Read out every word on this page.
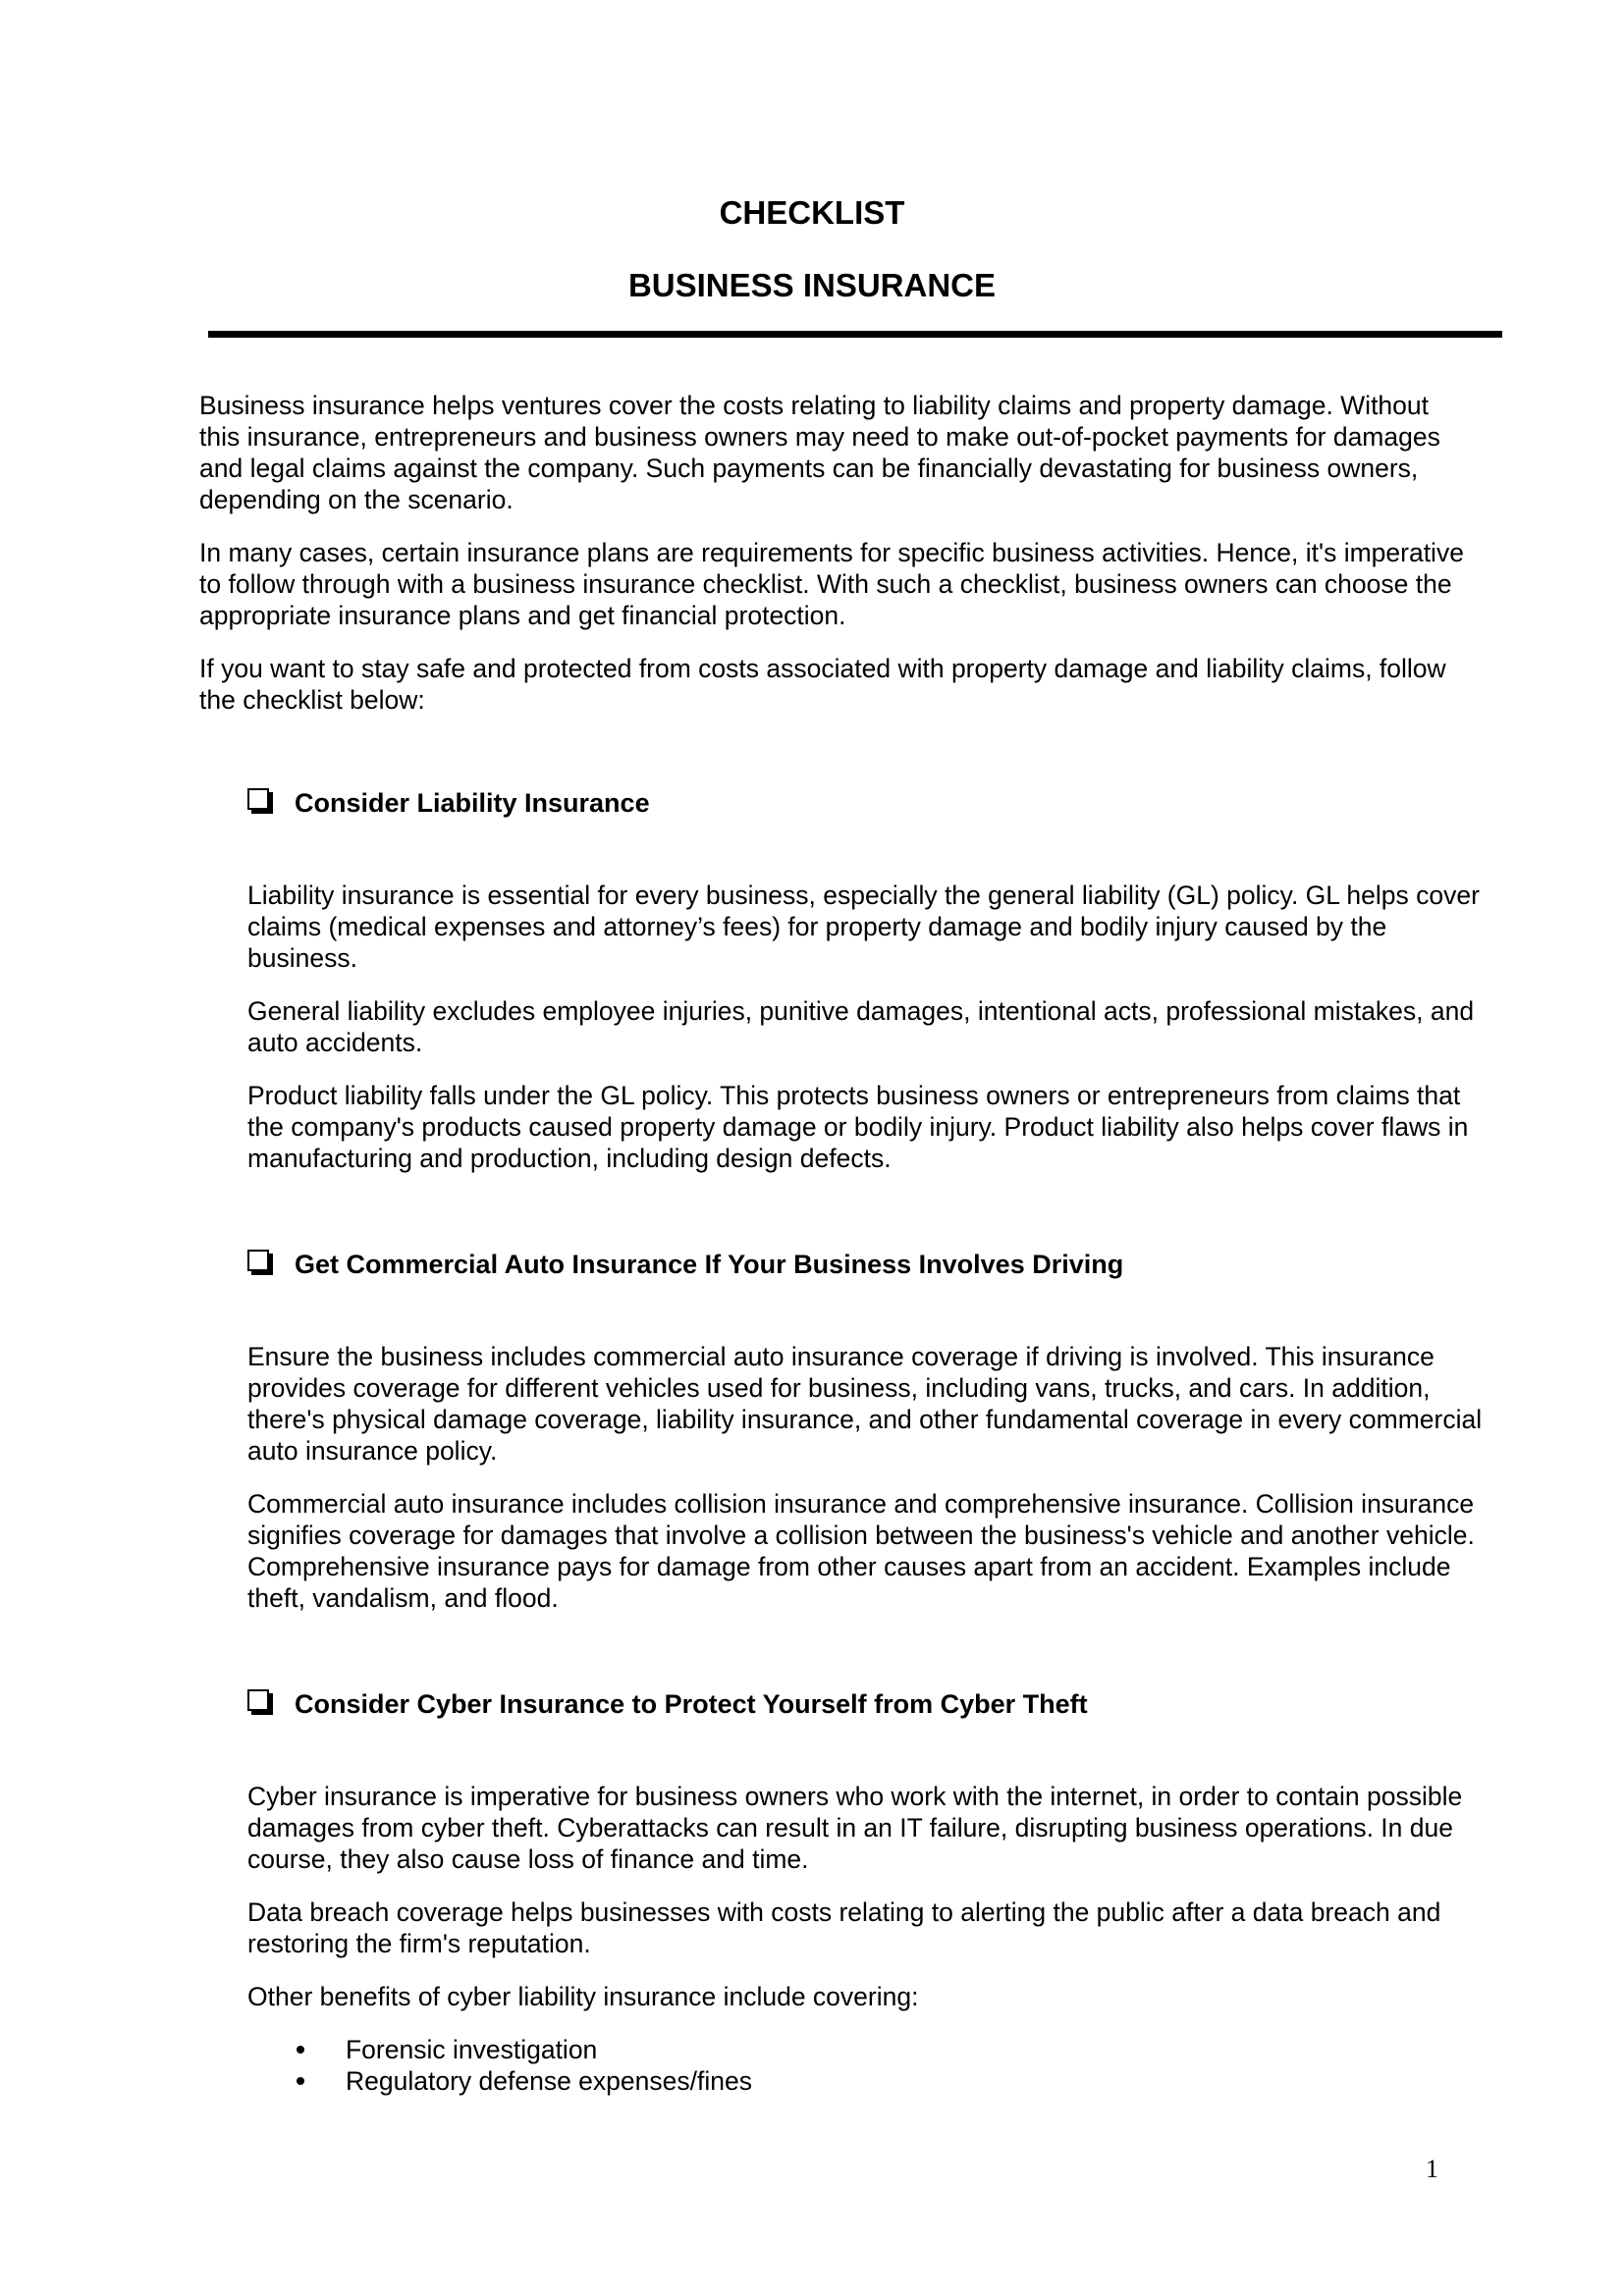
CHECKLIST
BUSINESS INSURANCE

Business insurance helps ventures cover the costs relating to liability claims and property damage. Without this insurance, entrepreneurs and business owners may need to make out-of-pocket payments for damages and legal claims against the company. Such payments can be financially devastating for business owners, depending on the scenario.

In many cases, certain insurance plans are requirements for specific business activities. Hence, it's imperative to follow through with a business insurance checklist. With such a checklist, business owners can choose the appropriate insurance plans and get financial protection.

If you want to stay safe and protected from costs associated with property damage and liability claims, follow the checklist below:

Consider Liability Insurance

Liability insurance is essential for every business, especially the general liability (GL) policy. GL helps cover claims (medical expenses and attorney’s fees) for property damage and bodily injury caused by the business.

General liability excludes employee injuries, punitive damages, intentional acts, professional mistakes, and auto accidents.

Product liability falls under the GL policy. This protects business owners or entrepreneurs from claims that the company's products caused property damage or bodily injury. Product liability also helps cover flaws in manufacturing and production, including design defects.

Get Commercial Auto Insurance If Your Business Involves Driving

Ensure the business includes commercial auto insurance coverage if driving is involved. This insurance provides coverage for different vehicles used for business, including vans, trucks, and cars. In addition, there's physical damage coverage, liability insurance, and other fundamental coverage in every commercial auto insurance policy.

Commercial auto insurance includes collision insurance and comprehensive insurance. Collision insurance signifies coverage for damages that involve a collision between the business's vehicle and another vehicle. Comprehensive insurance pays for damage from other causes apart from an accident. Examples include theft, vandalism, and flood.

Consider Cyber Insurance to Protect Yourself from Cyber Theft

Cyber insurance is imperative for business owners who work with the internet, in order to contain possible damages from cyber theft. Cyberattacks can result in an IT failure, disrupting business operations. In due course, they also cause loss of finance and time.

Data breach coverage helps businesses with costs relating to alerting the public after a data breach and restoring the firm's reputation.

Other benefits of cyber liability insurance include covering:

Forensic investigation
Regulatory defense expenses/fines
1
